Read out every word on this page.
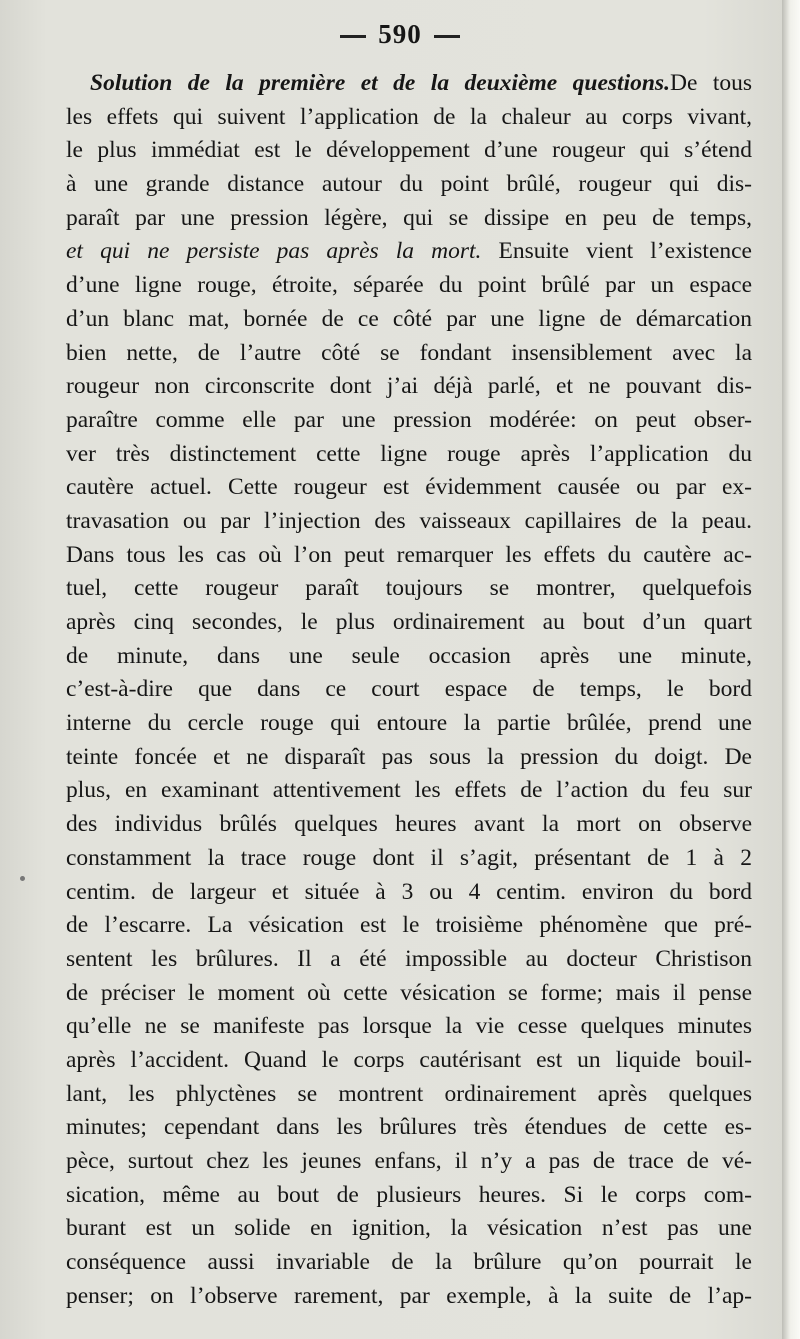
590
Solution de la première et de la deuxième questions.De tous
les effets qui suivent l’application de la chaleur au corps vivant,
le plus immédiat est le développement d’une rougeur qui s’étend
à une grande distance autour du point brûlé, rougeur qui dis-
paraît par une pression légère, qui se dissipe en peu de temps,
et qui ne persiste pas après la mort. Ensuite vient l’existence
d’une ligne rouge, étroite, séparée du point brûlé par un espace
d’un blanc mat, bornée de ce côté par une ligne de démarcation
bien nette, de l’autre côté se fondant insensiblement avec la
rougeur non circonscrite dont j’ai déjà parlé, et ne pouvant dis-
paraître comme elle par une pression modérée: on peut obser-
ver très distinctement cette ligne rouge après l’application du
cautère actuel. Cette rougeur est évidemment causée ou par ex-
travasation ou par l’injection des vaisseaux capillaires de la peau.
Dans tous les cas où l’on peut remarquer les effets du cautère ac-
tuel, cette rougeur paraît toujours se montrer, quelquefois
après cinq secondes, le plus ordinairement au bout d’un quart
de minute, dans une seule occasion après une minute,
c’est-à-dire que dans ce court espace de temps, le bord
interne du cercle rouge qui entoure la partie brûlée, prend une
teinte foncée et ne disparaît pas sous la pression du doigt. De
plus, en examinant attentivement les effets de l’action du feu sur
des individus brûlés quelques heures avant la mort on observe
constamment la trace rouge dont il s’agit, présentant de 1 à 2
centim. de largeur et située à 3 ou 4 centim. environ du bord
de l’escarre. La vésication est le troisième phénomène que pré-
sentent les brûlures. Il a été impossible au docteur Christison
de préciser le moment où cette vésication se forme; mais il pense
qu’elle ne se manifeste pas lorsque la vie cesse quelques minutes
après l’accident. Quand le corps cautérisant est un liquide bouil-
lant, les phlyctènes se montrent ordinairement après quelques
minutes; cependant dans les brûlures très étendues de cette es-
pèce, surtout chez les jeunes enfans, il n’y a pas de trace de vé-
sication, même au bout de plusieurs heures. Si le corps com-
burant est un solide en ignition, la vésication n’est pas une
conséquence aussi invariable de la brûlure qu’on pourrait le
penser; on l’observe rarement, par exemple, à la suite de l’ap-
